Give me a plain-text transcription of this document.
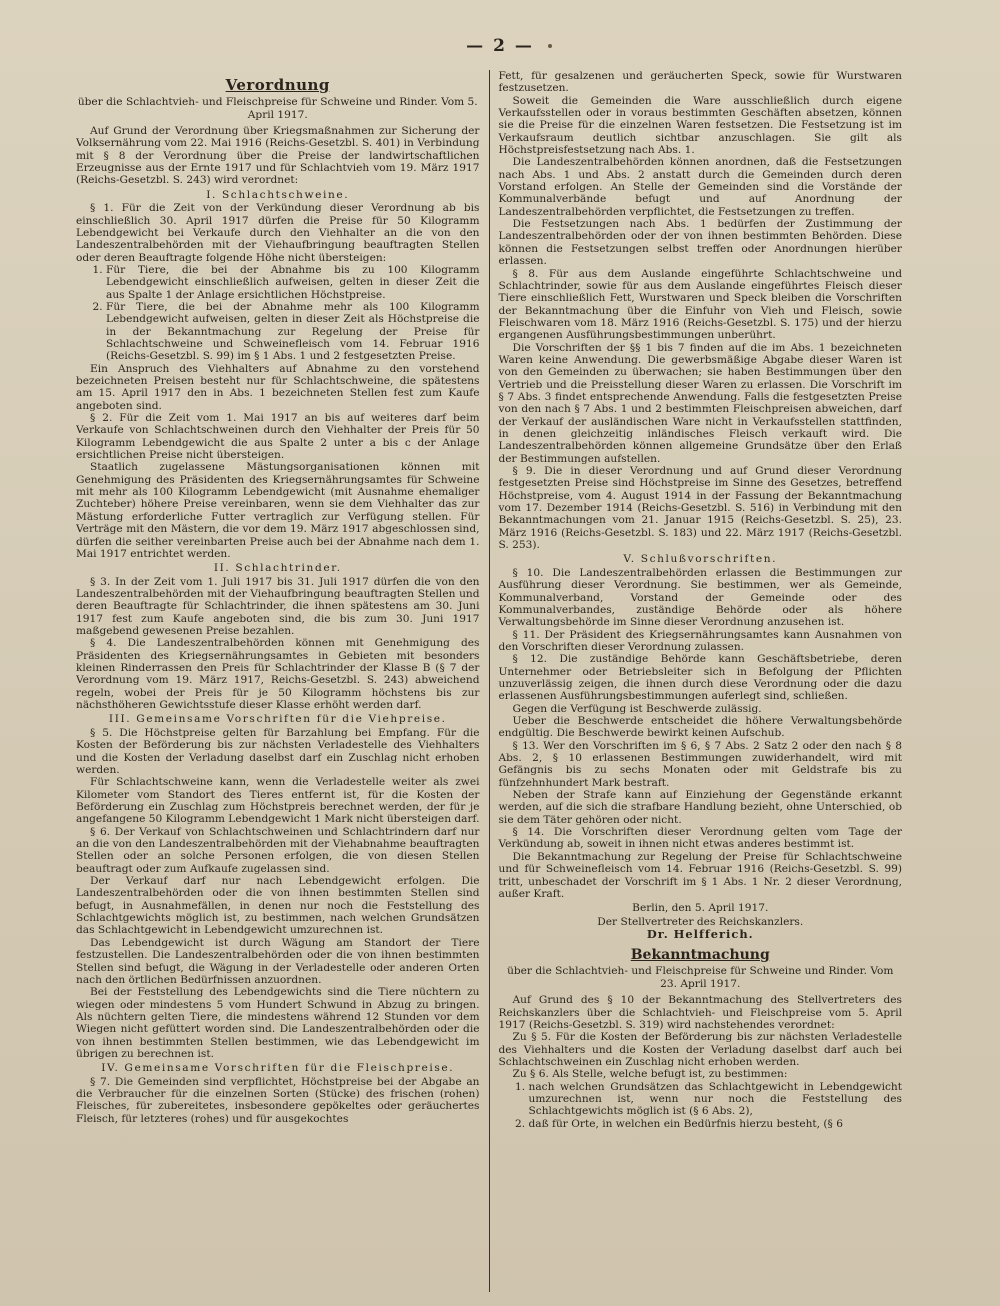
— 2 —
Verordnung
über die Schlachtvieh- und Fleischpreise für Schweine und Rinder. Vom 5. April 1917.

Auf Grund der Verordnung über Kriegsmaßnahmen zur Sicherung der Volksernährung vom 22. Mai 1916 (Reichs-Gesetzbl. S. 401) in Verbindung mit § 8 der Verordnung über die Preise der landwirtschaftlichen Erzeugnisse aus der Ernte 1917 und für Schlachtvieh vom 19. März 1917 (Reichs-Gesetzbl. S. 243) wird verordnet:

I. Schlachtschweine.

§ 1. Für die Zeit von der Verkündung dieser Verordnung ab bis einschließlich 30. April 1917 dürfen die Preise für 50 Kilogramm Lebendgewicht bei Verkaufe durch den Viehhalter an die von den Landeszentralbehörden mit der Viehaufbringung beauftragten Stellen oder deren Beauftragte folgende Höhe nicht übersteigen:

1. Für Tiere, die bei der Abnahme bis zu 100 Kilogramm Lebendgewicht einschließlich aufweisen, gelten in dieser Zeit die aus Spalte 1 der Anlage ersichtlichen Höchstpreise.
2. Für Tiere, die bei der Abnahme mehr als 100 Kilogramm Lebendgewicht aufweisen, gelten in dieser Zeit als Höchstpreise die in der Bekanntmachung zur Regelung der Preise für Schlachtschweine und Schweinefleisch vom 14. Februar 1916 (Reichs-Gesetzbl. S. 99) im § 1 Abs. 1 und 2 festgesetzten Preise.

Ein Anspruch des Viehhalters auf Abnahme zu den vorstehend bezeichneten Preisen besteht nur für Schlachtschweine, die spätestens am 15. April 1917 den in Abs. 1 bezeichneten Stellen fest zum Kaufe angeboten sind.

§ 2. Für die Zeit vom 1. Mai 1917 an bis auf weiteres darf beim Verkaufe von Schlachtschweinen durch den Viehhalter der Preis für 50 Kilogramm Lebendgewicht die aus Spalte 2 unter a bis c der Anlage ersichtlichen Preise nicht übersteigen.

Staatlich zugelassene Mästungsorganisationen können mit Genehmigung des Präsidenten des Kriegsernährungsamtes für Schweine mit mehr als 100 Kilogramm Lebendgewicht (mit Ausnahme ehemaliger Zuchteber) höhere Preise vereinbaren, wenn sie dem Viehhalter das zur Mästung erforderliche Futter vertraglich zur Verfügung stellen. Für Verträge mit den Mästern, die vor dem 19. März 1917 abgeschlossen sind, dürfen die seither vereinbarten Preise auch bei der Abnahme nach dem 1. Mai 1917 entrichtet werden.

II. Schlachtrinder.

§ 3. In der Zeit vom 1. Juli 1917 bis 31. Juli 1917 dürfen die von den Landeszentralbehörden mit der Viehaufbringung beauftragten Stellen und deren Beauftragte für Schlachtrinder, die ihnen spätestens am 30. Juni 1917 fest zum Kaufe angeboten sind, die bis zum 30. Juni 1917 maßgebend gewesenen Preise bezahlen.

§ 4. Die Landeszentralbehörden können mit Genehmigung des Präsidenten des Kriegsernährungsamtes in Gebieten mit besonders kleinen Rinderrassen den Preis für Schlachtrinder der Klasse B (§ 7 der Verordnung vom 19. März 1917, Reichs-Gesetzbl. S. 243) abweichend regeln, wobei der Preis für je 50 Kilogramm höchstens bis zur nächsthöheren Gewichtsstufe dieser Klasse erhöht werden darf.

III. Gemeinsame Vorschriften für die Viehpreise.

§ 5. Die Höchstpreise gelten für Barzahlung bei Empfang. Für die Kosten der Beförderung bis zur nächsten Verladestelle des Viehhalters und die Kosten der Verladung daselbst darf ein Zuschlag nicht erhoben werden.

Für Schlachtschweine kann, wenn die Verladestelle weiter als zwei Kilometer vom Standort des Tieres entfernt ist, für die Kosten der Beförderung ein Zuschlag zum Höchstpreis berechnet werden, der für je angefangene 50 Kilogramm Lebendgewicht 1 Mark nicht übersteigen darf.

§ 6. Der Verkauf von Schlachtschweinen und Schlachtrindern darf nur an die von den Landeszentralbehörden mit der Viehabnahme beauftragten Stellen oder an solche Personen erfolgen, die von diesen Stellen beauftragt oder zum Aufkaufe zugelassen sind.

Der Verkauf darf nur nach Lebendgewicht erfolgen. Die Landeszentralbehörden oder die von ihnen bestimmten Stellen sind befugt, in Ausnahmefällen, in denen nur noch die Feststellung des Schlachtgewichts möglich ist, zu bestimmen, nach welchen Grundsätzen das Schlachtgewicht in Lebendgewicht umzurechnen ist.

Das Lebendgewicht ist durch Wägung am Standort der Tiere festzustellen. Die Landeszentralbehörden oder die von ihnen bestimmten Stellen sind befugt, die Wägung in der Verladestelle oder anderen Orten nach den örtlichen Bedürfnissen anzuordnen.

Bei der Feststellung des Lebendgewichts sind die Tiere nüchtern zu wiegen oder mindestens 5 vom Hundert Schwund in Abzug zu bringen. Als nüchtern gelten Tiere, die mindestens während 12 Stunden vor dem Wiegen nicht gefüttert worden sind. Die Landeszentralbehörden oder die von ihnen bestimmten Stellen bestimmen, wie das Lebendgewicht im übrigen zu berechnen ist.

IV. Gemeinsame Vorschriften für die Fleischpreise.

§ 7. Die Gemeinden sind verpflichtet, Höchstpreise bei der Abgabe an die Verbraucher für die einzelnen Sorten (Stücke) des frischen (rohen) Fleisches, für zubereitetes, insbesondere gepökeltes oder geräuchertes Fleisch, für letzteres (rohes) und für ausgekochtes

Fett, für gesalzenen und geräucherten Speck, sowie für Wurstwaren festzusetzen.

Soweit die Gemeinden die Ware ausschließlich durch eigene Verkaufsstellen oder in voraus bestimmten Geschäften absetzen, können sie die Preise für die einzelnen Waren festsetzen. Die Festsetzung ist im Verkaufsraum deutlich sichtbar anzuschlagen. Sie gilt als Höchstpreisfestsetzung nach Abs. 1.

Die Landeszentralbehörden können anordnen, daß die Festsetzungen nach Abs. 1 und Abs. 2 anstatt durch die Gemeinden durch deren Vorstand erfolgen. An Stelle der Gemeinden sind die Vorstände der Kommunalverbände befugt und auf Anordnung der Landeszentralbehörden verpflichtet, die Festsetzungen zu treffen.

Die Festsetzungen nach Abs. 1 bedürfen der Zustimmung der Landeszentralbehörden oder der von ihnen bestimmten Behörden. Diese können die Festsetzungen selbst treffen oder Anordnungen hierüber erlassen.

§ 8. Für aus dem Auslande eingeführte Schlachtschweine und Schlachtrinder, sowie für aus dem Auslande eingeführtes Fleisch dieser Tiere einschließlich Fett, Wurstwaren und Speck bleiben die Vorschriften der Bekanntmachung über die Einfuhr von Vieh und Fleisch, sowie Fleischwaren vom 18. März 1916 (Reichs-Gesetzbl. S. 175) und der hierzu ergangenen Ausführungsbestimmungen unberührt.

Die Vorschriften der §§ 1 bis 7 finden auf die im Abs. 1 bezeichneten Waren keine Anwendung. Die gewerbsmäßige Abgabe dieser Waren ist von den Gemeinden zu überwachen; sie haben Bestimmungen über den Vertrieb und die Preisstellung dieser Waren zu erlassen. Die Vorschrift im § 7 Abs. 3 findet entsprechende Anwendung. Falls die festgesetzten Preise von den nach § 7 Abs. 1 und 2 bestimmten Fleischpreisen abweichen, darf der Verkauf der ausländischen Ware nicht in Verkaufsstellen stattfinden, in denen gleichzeitig inländisches Fleisch verkauft wird. Die Landeszentralbehörden können allgemeine Grundsätze über den Erlaß der Bestimmungen aufstellen.

§ 9. Die in dieser Verordnung und auf Grund dieser Verordnung festgesetzten Preise sind Höchstpreise im Sinne des Gesetzes, betreffend Höchstpreise, vom 4. August 1914 in der Fassung der Bekanntmachung vom 17. Dezember 1914 (Reichs-Gesetzbl. S. 516) in Verbindung mit den Bekanntmachungen vom 21. Januar 1915 (Reichs-Gesetzbl. S. 25), 23. März 1916 (Reichs-Gesetzbl. S. 183) und 22. März 1917 (Reichs-Gesetzbl. S. 253).

V. Schlußvorschriften.

§ 10. Die Landeszentralbehörden erlassen die Bestimmungen zur Ausführung dieser Verordnung. Sie bestimmen, wer als Gemeinde, Kommunalverband, Vorstand der Gemeinde oder des Kommunalverbandes, zuständige Behörde oder als höhere Verwaltungsbehörde im Sinne dieser Verordnung anzusehen ist.

§ 11. Der Präsident des Kriegsernährungsamtes kann Ausnahmen von den Vorschriften dieser Verordnung zulassen.

§ 12. Die zuständige Behörde kann Geschäftsbetriebe, deren Unternehmer oder Betriebsleiter sich in Befolgung der Pflichten unzuverlässig zeigen, die ihnen durch diese Verordnung oder die dazu erlassenen Ausführungsbestimmungen auferlegt sind, schließen.

Gegen die Verfügung ist Beschwerde zulässig.

Ueber die Beschwerde entscheidet die höhere Verwaltungsbehörde endgültig. Die Beschwerde bewirkt keinen Aufschub.

§ 13. Wer den Vorschriften im § 6, § 7 Abs. 2 Satz 2 oder den nach § 8 Abs. 2, § 10 erlassenen Bestimmungen zuwiderhandelt, wird mit Gefängnis bis zu sechs Monaten oder mit Geldstrafe bis zu fünfzehnhundert Mark bestraft.

Neben der Strafe kann auf Einziehung der Gegenstände erkannt werden, auf die sich die strafbare Handlung bezieht, ohne Unterschied, ob sie dem Täter gehören oder nicht.

§ 14. Die Vorschriften dieser Verordnung gelten vom Tage der Verkündung ab, soweit in ihnen nicht etwas anderes bestimmt ist.

Die Bekanntmachung zur Regelung der Preise für Schlachtschweine und für Schweinefleisch vom 14. Februar 1916 (Reichs-Gesetzbl. S. 99) tritt, unbeschadet der Vorschrift im § 1 Abs. 1 Nr. 2 dieser Verordnung, außer Kraft.

Berlin, den 5. April 1917.
Der Stellvertreter des Reichskanzlers.
Dr. Helfferich.
Bekanntmachung
über die Schlachtvieh- und Fleischpreise für Schweine und Rinder. Vom 23. April 1917.

Auf Grund des § 10 der Bekanntmachung des Stellvertreters des Reichskanzlers über die Schlachtvieh- und Fleischpreise vom 5. April 1917 (Reichs-Gesetzbl. S. 319) wird nachstehendes verordnet:

Zu § 5. Für die Kosten der Beförderung bis zur nächsten Verladestelle des Viehhalters und die Kosten der Verladung daselbst darf auch bei Schlachtschweinen ein Zuschlag nicht erhoben werden.

Zu § 6. Als Stelle, welche befugt ist, zu bestimmen:

1. nach welchen Grundsätzen das Schlachtgewicht in Lebendgewicht umzurechnen ist, wenn nur noch die Feststellung des Schlachtgewichts möglich ist (§ 6 Abs. 2),
2. daß für Orte, in welchen ein Bedürfnis hierzu besteht, (§ 6
